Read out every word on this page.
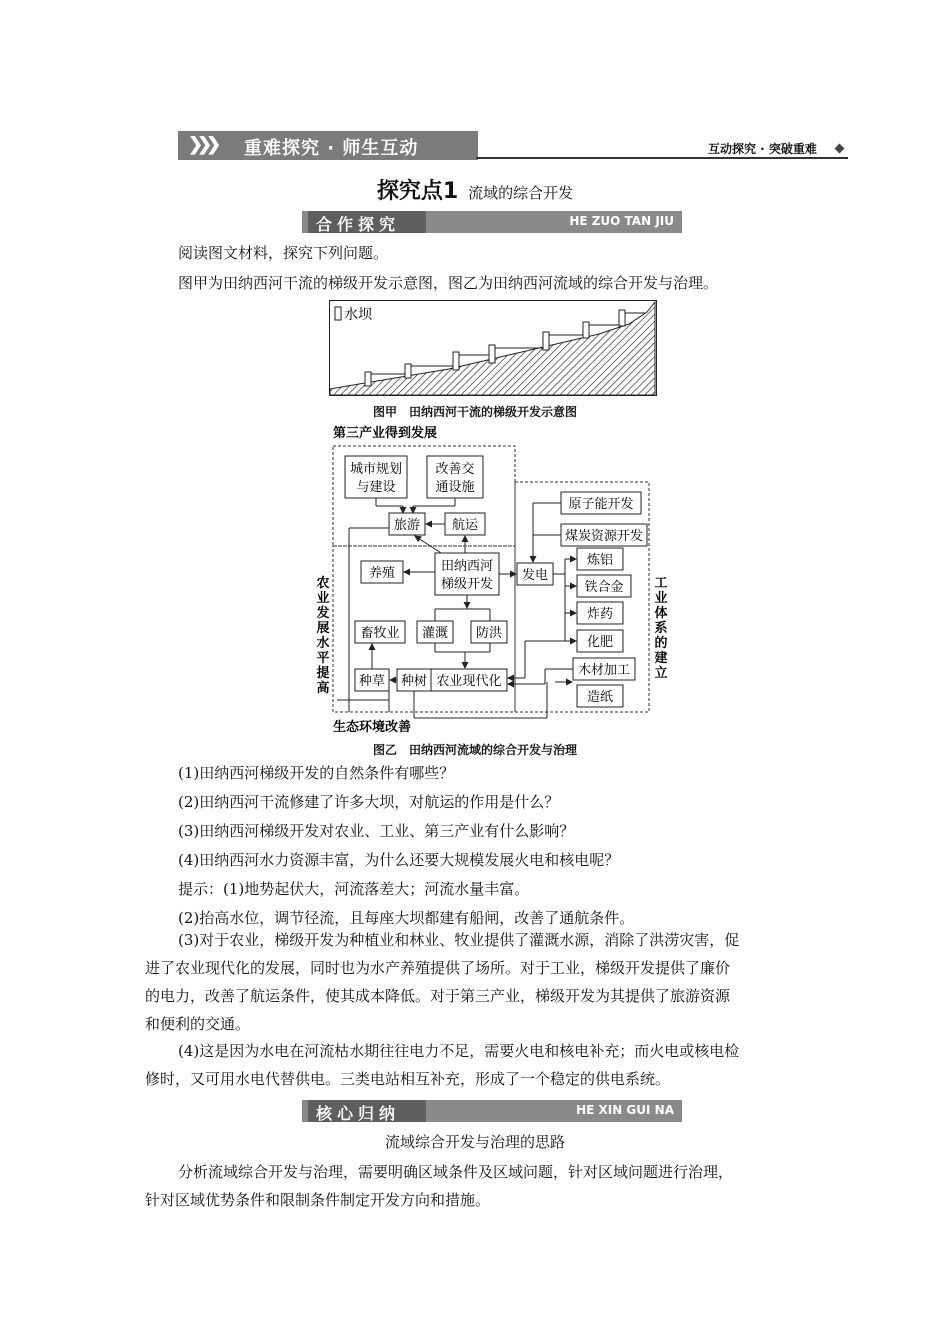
❯❯❯ 重难探究 · 师生互动	互动探究 · 突破重难
探究点1 流域的综合开发
合作探究	HE ZUO TAN JIU
阅读图文材料，探究下列问题。
图甲为田纳西河干流的梯级开发示意图，图乙为田纳西河流域的综合开发与治理。
水坝
图甲　田纳西河干流的梯级开发示意图
第三产业得到发展
生态环境改善
城市规划
与建设
改善交
通设施
旅游 航运
田纳西河
梯级开发
养殖	发电
原子能开发
煤炭资源开发
炼铝
铁合金
炸药
化肥
木材加工
造纸
畜牧业 灌溉 防洪
种草 种树 农业现代化
农
业
发
展
水
平
提
高
工
业
体
系
的
建
立
图乙　田纳西河流域的综合开发与治理
(1)田纳西河梯级开发的自然条件有哪些？
(2)田纳西河干流修建了许多大坝，对航运的作用是什么？
(3)田纳西河梯级开发对农业、工业、第三产业有什么影响？
(4)田纳西河水力资源丰富，为什么还要大规模发展火电和核电呢？
提示：(1)地势起伏大，河流落差大；河流水量丰富。
(2)抬高水位，调节径流，且每座大坝都建有船闸，改善了通航条件。
(3)对于农业，梯级开发为种植业和林业、牧业提供了灌溉水源，消除了洪涝灾害，促
进了农业现代化的发展，同时也为水产养殖提供了场所。对于工业，梯级开发提供了廉价
的电力，改善了航运条件，使其成本降低。对于第三产业，梯级开发为其提供了旅游资源
和便利的交通。
(4)这是因为水电在河流枯水期往往电力不足，需要火电和核电补充；而火电或核电检
修时，又可用水电代替供电。三类电站相互补充，形成了一个稳定的供电系统。
核心归纳	HE XIN GUI NA
流域综合开发与治理的思路
分析流域综合开发与治理，需要明确区域条件及区域问题，针对区域问题进行治理，
针对区域优势条件和限制条件制定开发方向和措施。
